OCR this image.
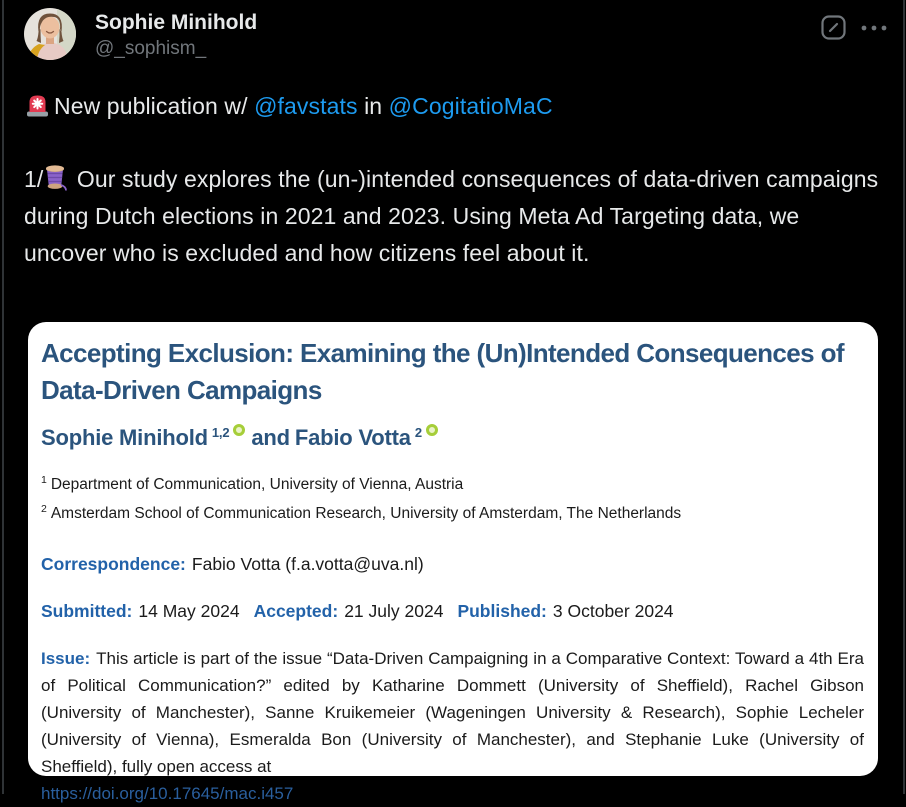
Sophie Minihold
@_sophism_
New publication w/ @favstats in @CogitatioMaC
1/ Our study explores the (un-)intended consequences of data-driven campaigns during Dutch elections in 2021 and 2023. Using Meta Ad Targeting data, we uncover who is excluded and how citizens feel about it.
Accepting Exclusion: Examining the (Un)Intended Consequences of Data-Driven Campaigns
Sophie Minihold $^{1,2}$ and Fabio Votta $^2$
$^1$ Department of Communication, University of Vienna, Austria
$^2$ Amsterdam School of Communication Research, University of Amsterdam, The Netherlands
Correspondence: Fabio Votta (f.a.votta@uva.nl)
Submitted: 14 May 2024 Accepted: 21 July 2024 Published: 3 October 2024
Issue: This article is part of the issue “Data-Driven Campaigning in a Comparative Context: Toward a 4th Era of Political Communication?” edited by Katharine Dommett (University of Sheffield), Rachel Gibson (University of Manchester), Sanne Kruikemeier (Wageningen University & Research), Sophie Lecheler (University of Vienna), Esmeralda Bon (University of Manchester), and Stephanie Luke (University of Sheffield), fully open access at
https://doi.org/10.17645/mac.i457
